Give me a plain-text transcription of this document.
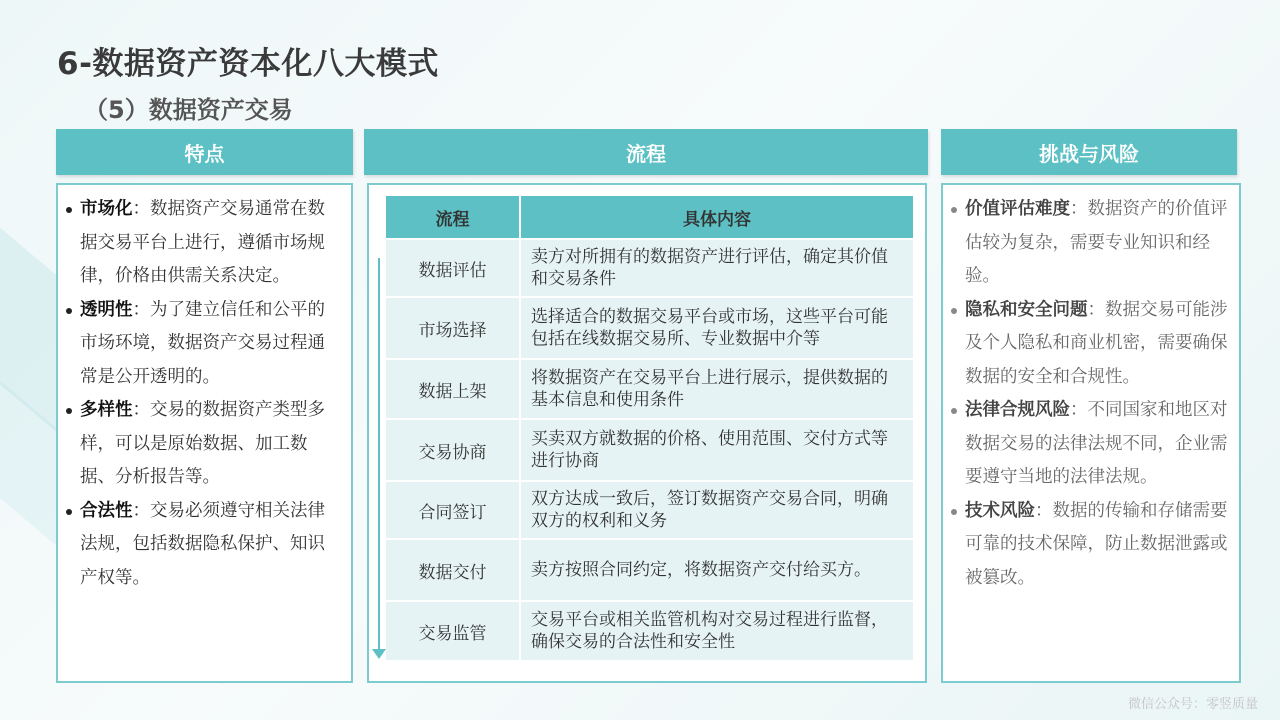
6-数据资产资本化八大模式
（5）数据资产交易
特点	流程	挑战与风险
市场化：数据资产交易通常在数据交易平台上进行，遵循市场规律，价格由供需关系决定。
透明性：为了建立信任和公平的市场环境，数据资产交易过程通常是公开透明的。
多样性：交易的数据资产类型多样，可以是原始数据、加工数据、分析报告等。
合法性：交易必须遵守相关法律法规，包括数据隐私保护、知识产权等。
流程	具体内容
数据评估	卖方对所拥有的数据资产进行评估，确定其价值和交易条件
市场选择	选择适合的数据交易平台或市场，这些平台可能包括在线数据交易所、专业数据中介等
数据上架	将数据资产在交易平台上进行展示，提供数据的基本信息和使用条件
交易协商	买卖双方就数据的价格、使用范围、交付方式等进行协商
合同签订	双方达成一致后，签订数据资产交易合同，明确双方的权利和义务
数据交付	卖方按照合同约定，将数据资产交付给买方。
交易监管	交易平台或相关监管机构对交易过程进行监督，确保交易的合法性和安全性
价值评估难度：数据资产的价值评估较为复杂，需要专业知识和经验。
隐私和安全问题：数据交易可能涉及个人隐私和商业机密，需要确保数据的安全和合规性。
法律合规风险：不同国家和地区对数据交易的法律法规不同，企业需要遵守当地的法律法规。
技术风险：数据的传输和存储需要可靠的技术保障，防止数据泄露或被篡改。
微信公众号：零竖质量
